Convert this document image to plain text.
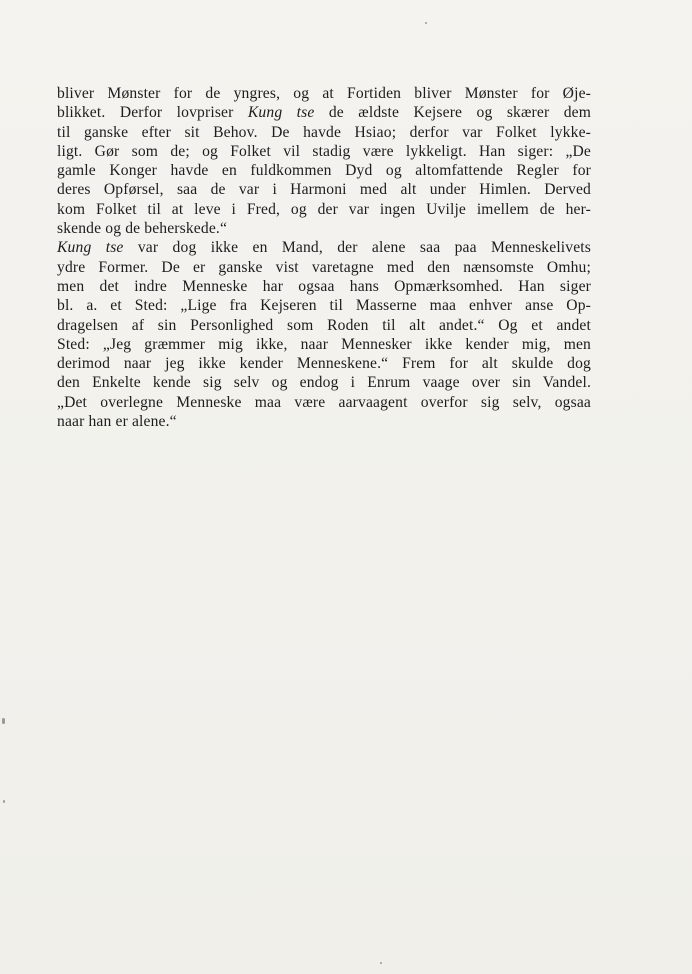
bliver Mønster for de yngres, og at Fortiden bliver Mønster for Øje-
blikket. Derfor lovpriser Kung tse de ældste Kejsere og skærer dem
til ganske efter sit Behov. De havde Hsiao; derfor var Folket lykke-
ligt. Gør som de; og Folket vil stadig være lykkeligt. Han siger: „De
gamle Konger havde en fuldkommen Dyd og altomfattende Regler for
deres Opførsel, saa de var i Harmoni med alt under Himlen. Derved
kom Folket til at leve i Fred, og der var ingen Uvilje imellem de her-
skende og de beherskede.“
Kung tse var dog ikke en Mand, der alene saa paa Menneskelivets
ydre Former. De er ganske vist varetagne med den nænsomste Omhu;
men det indre Menneske har ogsaa hans Opmærksomhed. Han siger
bl. a. et Sted: „Lige fra Kejseren til Masserne maa enhver anse Op-
dragelsen af sin Personlighed som Roden til alt andet.“ Og et andet
Sted: „Jeg græmmer mig ikke, naar Mennesker ikke kender mig, men
derimod naar jeg ikke kender Menneskene.“ Frem for alt skulde dog
den Enkelte kende sig selv og endog i Enrum vaage over sin Vandel.
„Det overlegne Menneske maa være aarvaagent overfor sig selv, ogsaa
naar han er alene.“
